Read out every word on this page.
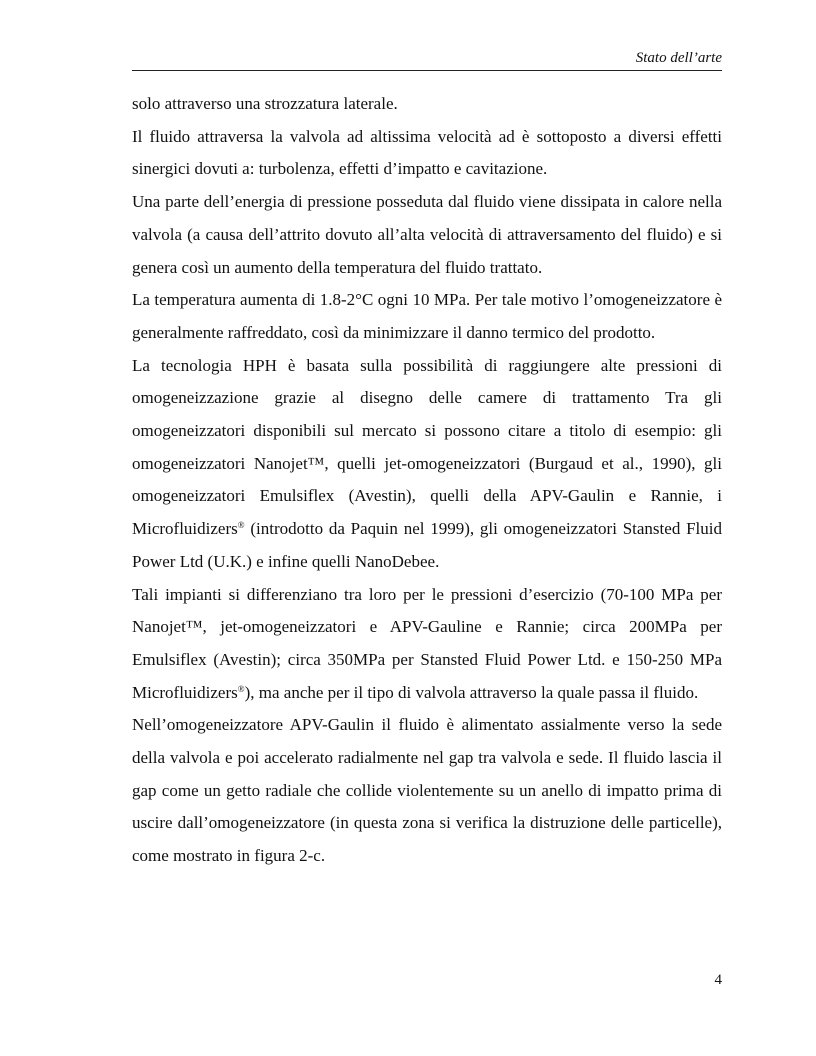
Stato dell’arte

solo attraverso una strozzatura laterale.

Il fluido attraversa la valvola ad altissima velocità ad è sottoposto a diversi effetti sinergici dovuti a: turbolenza, effetti d’impatto e cavitazione.

Una parte dell’energia di pressione posseduta dal fluido viene dissipata in calore nella valvola (a causa dell’attrito dovuto all’alta velocità di attraversamento del fluido) e si genera così un aumento della temperatura del fluido trattato.

La temperatura aumenta di 1.8-2°C ogni 10 MPa. Per tale motivo l’omogeneizzatore è generalmente raffreddato, così da minimizzare il danno termico del prodotto.

La tecnologia HPH è basata sulla possibilità di raggiungere alte pressioni di omogeneizzazione grazie al disegno delle camere di trattamento Tra gli omogeneizzatori disponibili sul mercato si possono citare a titolo di esempio: gli omogeneizzatori Nanojet™, quelli jet-omogeneizzatori (Burgaud et al., 1990), gli omogeneizzatori Emulsiflex (Avestin), quelli della APV-Gaulin e Rannie, i Microfluidizers® (introdotto da Paquin nel 1999), gli omogeneizzatori Stansted Fluid Power Ltd (U.K.) e infine quelli NanoDebee.

Tali impianti si differenziano tra loro per le pressioni d’esercizio (70-100 MPa per Nanojet™, jet-omogeneizzatori e APV-Gauline e Rannie; circa 200MPa per Emulsiflex (Avestin); circa 350MPa per Stansted Fluid Power Ltd. e 150-250 MPa Microfluidizers®), ma anche per il tipo di valvola attraverso la quale passa il fluido.

Nell’omogeneizzatore APV-Gaulin il fluido è alimentato assialmente verso la sede della valvola e poi accelerato radialmente nel gap tra valvola e sede. Il fluido lascia il gap come un getto radiale che collide violentemente su un anello di impatto prima di uscire dall’omogeneizzatore (in questa zona si verifica la distruzione delle particelle), come mostrato in figura 2-c.

4
